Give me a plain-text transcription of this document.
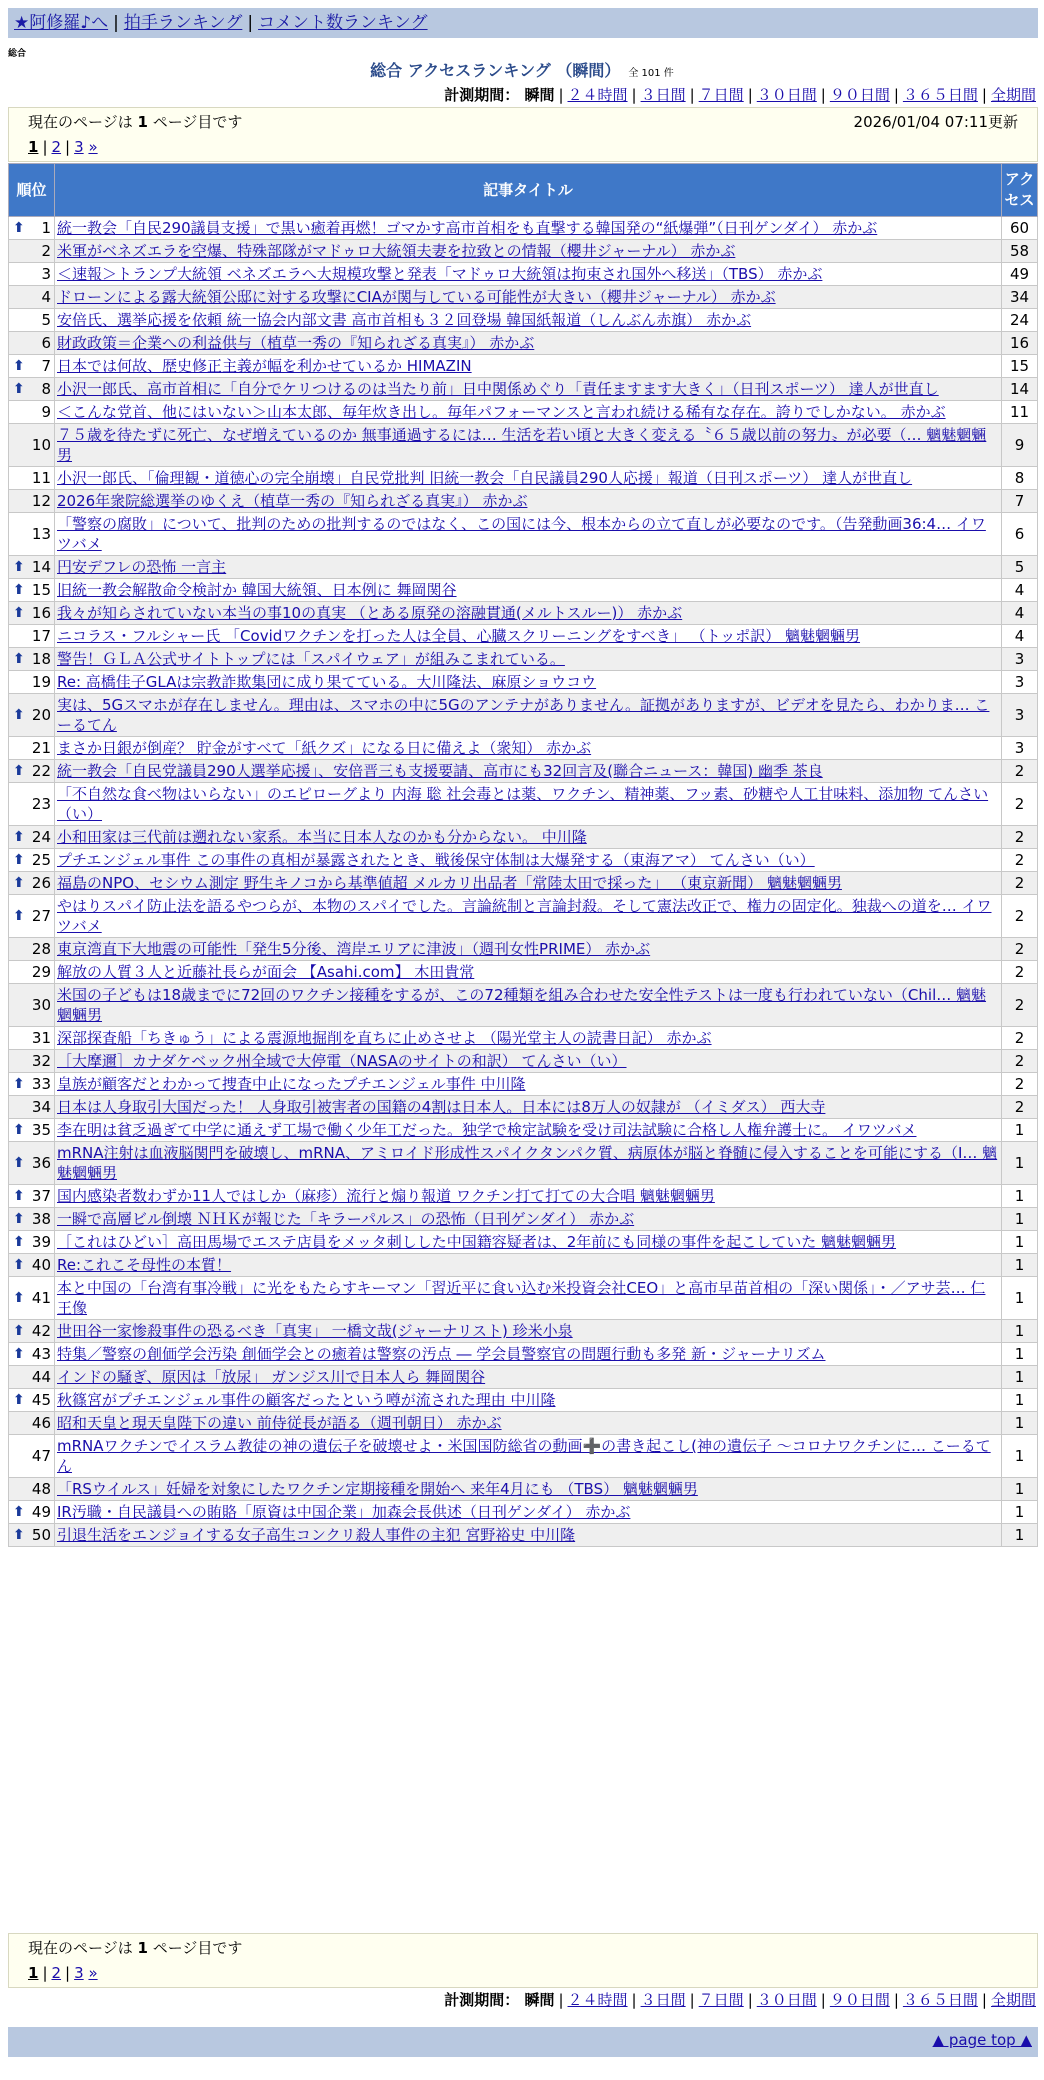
★阿修羅♪へ | 拍手ランキング | コメント数ランキング
総合
総合 アクセスランキング （瞬間） 全 101 件
計測期間： 瞬間 | ２４時間 | ３日間 | ７日間 | ３０日間 | ９０日間 | ３６５日間 | 全期間
現在のページは 1 ページ目です	2026/01/04 07:11更新
1 | 2 | 3 »
順位	記事タイトル	アクセス

⬆ 1	統一教会「自民290議員支援」で黒い癒着再燃！ゴマかす高市首相をも直撃する韓国発の“紙爆弾”（日刊ゲンダイ） 赤かぶ	60
2	米軍がベネズエラを空爆、特殊部隊がマドゥロ大統領夫妻を拉致との情報（櫻井ジャーナル） 赤かぶ	58
3	＜速報＞トランプ大統領 ベネズエラへ大規模攻撃と発表「マドゥロ大統領は拘束され国外へ移送」（TBS） 赤かぶ	49
4	ドローンによる露大統領公邸に対する攻撃にCIAが関与している可能性が大きい（櫻井ジャーナル） 赤かぶ	34
5	安倍氏、選挙応援を依頼 統一協会内部文書 高市首相も３２回登場 韓国紙報道（しんぶん赤旗） 赤かぶ	24
6	財政政策＝企業への利益供与（植草一秀の『知られざる真実』） 赤かぶ	16

⬆ 7	日本では何故、歴史修正主義が幅を利かせているか HIMAZIN	15

⬆ 8	小沢一郎氏、高市首相に「自分でケリつけるのは当たり前」日中関係めぐり「責任ますます大きく」（日刊スポーツ） 達人が世直し	14
9	＜こんな党首、他にはいない＞山本太郎、毎年炊き出し。毎年パフォーマンスと言われ続ける稀有な存在。誇りでしかない。 赤かぶ	11
10	７５歳を待たずに死亡、なぜ増えているのか 無事通過するには… 生活を若い頃と大きく変える〝６５歳以前の努力〟が必要（… 魑魅魍魎男	9
11	小沢一郎氏、「倫理観・道徳心の完全崩壊」自民党批判 旧統一教会「自民議員290人応援」報道（日刊スポーツ） 達人が世直し	8
12	2026年衆院総選挙のゆくえ（植草一秀の『知られざる真実』） 赤かぶ	7
13	「警察の腐敗」について、批判のための批判するのではなく、この国には今、根本からの立て直しが必要なのです。（告発動画36:4… イワツバメ	6

⬆ 14	円安デフレの恐怖 一言主	5

⬆ 15	旧統一教会解散命令検討か 韓国大統領、日本例に 舞岡関谷	4

⬆ 16	我々が知らされていない本当の事10の真実 （とある原発の溶融貫通(メルトスルー)） 赤かぶ	4
17	ニコラス・フルシャー氏 「Covidワクチンを打った人は全員、心臓スクリーニングをすべき」 （トッポ訳） 魑魅魍魎男	4

⬆ 18	警告！ＧＬＡ公式サイトトップには「スパイウェア」が組みこまれている。	3
19	Re: 高橋佳子GLAは宗教詐欺集団に成り果てている。大川隆法、麻原ショウコウ	3

⬆ 20	実は、5Gスマホが存在しません。理由は、スマホの中に5Gのアンテナがありません。証拠がありますが、ビデオを見たら、わかりま… こーるてん	3
21	まさか日銀が倒産？ 貯金がすべて「紙クズ」になる日に備えよ（衆知） 赤かぶ	3

⬆ 22	統一教会「自民党議員290人選挙応援」、安倍晋三も支援要請、高市にも32回言及(聯合ニュース：韓国) 幽季 茶良	2
23	「不自然な食べ物はいらない」のエピローグより 内海 聡 社会毒とは薬、ワクチン、精神薬、フッ素、砂糖や人工甘味料、添加物 てんさい（い）	2

⬆ 24	小和田家は三代前は遡れない家系。本当に日本人なのかも分からない。 中川隆	2

⬆ 25	プチエンジェル事件 この事件の真相が暴露されたとき、戦後保守体制は大爆発する（東海アマ） てんさい（い）	2

⬆ 26	福島のNPO、セシウム測定 野生キノコから基準値超 メルカリ出品者「常陸太田で採った」 （東京新聞） 魑魅魍魎男	2

⬆ 27	やはりスパイ防止法を語るやつらが、本物のスパイでした。言論統制と言論封殺。そして憲法改正で、権力の固定化。独裁への道を… イワツバメ	2
28	東京湾直下大地震の可能性「発生5分後、湾岸エリアに津波」（週刊女性PRIME） 赤かぶ	2
29	解放の人質３人と近藤社長らが面会 【Asahi.com】 木田貴常	2
30	米国の子どもは18歳までに72回のワクチン接種をするが、この72種類を組み合わせた安全性テストは一度も行われていない（Chil… 魑魅魍魎男	2
31	深部探査船「ちきゅう」による震源地掘削を直ちに止めさせよ （陽光堂主人の読書日記） 赤かぶ	2
32	［大摩邇］カナダケベック州全域で大停電（NASAのサイトの和訳） てんさい（い）	2

⬆ 33	皇族が顧客だとわかって捜査中止になったプチエンジェル事件 中川隆	2
34	日本は人身取引大国だった！ 人身取引被害者の国籍の4割は日本人。日本には8万人の奴隷が （イミダス） 西大寺	2

⬆ 35	李在明は貧乏過ぎて中学に通えず工場で働く少年工だった。独学で検定試験を受け司法試験に合格し人権弁護士に。 イワツバメ	1

⬆ 36	mRNA注射は血液脳関門を破壊し、mRNA、アミロイド形成性スパイクタンパク質、病原体が脳と脊髄に侵入することを可能にする（I… 魑魅魍魎男	1

⬆ 37	国内感染者数わずか11人ではしか（麻疹）流行と煽り報道 ワクチン打て打ての大合唱 魑魅魍魎男	1

⬆ 38	一瞬で高層ビル倒壊 ＮＨＫが報じた「キラーパルス」の恐怖（日刊ゲンダイ） 赤かぶ	1

⬆ 39	［これはひどい］高田馬場でエステ店員をメッタ刺しした中国籍容疑者は、2年前にも同様の事件を起こしていた 魑魅魍魎男	1

⬆ 40	Re:これこそ母性の本質！	1

⬆ 41	本と中国の「台湾有事冷戦」に光をもたらすキーマン「習近平に食い込む米投資会社CEO」と高市早苗首相の「深い関係」・／アサ芸… 仁王像	1

⬆ 42	世田谷一家惨殺事件の恐るべき「真実」 一橋文哉(ジャーナリスト) 珍米小泉	1

⬆ 43	特集／警察の創価学会汚染 創価学会との癒着は警察の汚点 ― 学会員警察官の問題行動も多発 新・ジャーナリズム	1
44	インドの騒ぎ、原因は「放尿」 ガンジス川で日本人ら 舞岡関谷	1

⬆ 45	秋篠宮がプチエンジェル事件の顧客だったという噂が流された理由 中川隆	1
46	昭和天皇と現天皇陛下の違い 前侍従長が語る（週刊朝日） 赤かぶ	1
47	mRNAワクチンでイスラム教徒の神の遺伝子を破壊せよ・米国国防総省の動画➕の書き起こし(神の遺伝子 ～コロナワクチンに… こーるてん	1
48	「RSウイルス」妊婦を対象にしたワクチン定期接種を開始へ 来年4月にも （TBS） 魑魅魍魎男	1

⬆ 49	IR汚職・自民議員への賄賂「原資は中国企業」加森会長供述（日刊ゲンダイ） 赤かぶ	1

⬆ 50	引退生活をエンジョイする女子高生コンクリ殺人事件の主犯 宮野裕史 中川隆	1
現在のページは 1 ページ目です
1 | 2 | 3 »
計測期間： 瞬間 | ２４時間 | ３日間 | ７日間 | ３０日間 | ９０日間 | ３６５日間 | 全期間
▲ page top ▲
